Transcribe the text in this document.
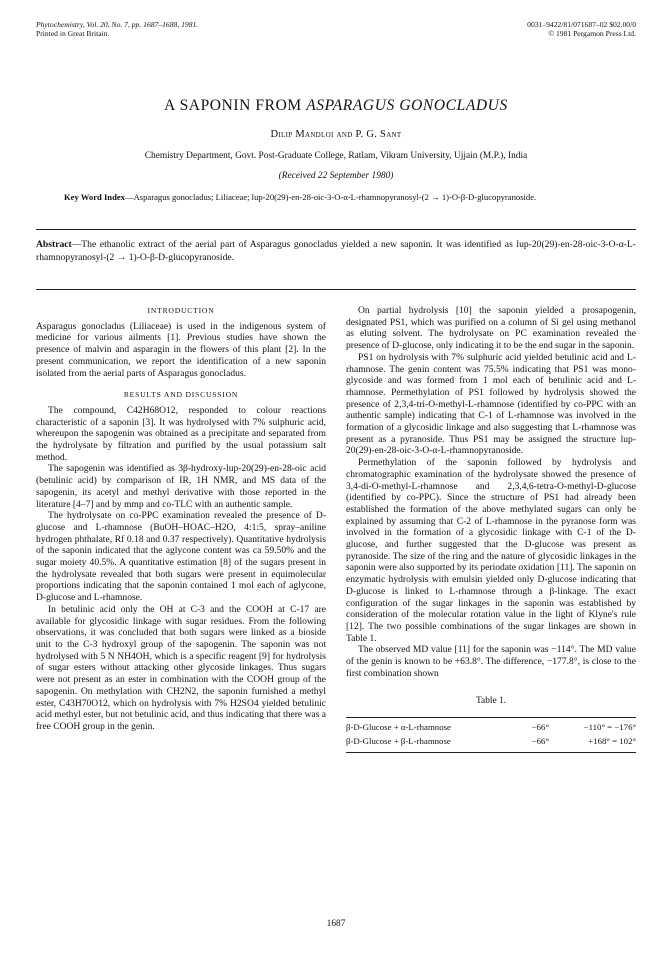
Phytochemistry, Vol. 20, No. 7, pp. 1687–1688, 1981.
Printed in Great Britain.
0031–9422/81/071687–02 $02.00/0
© 1981 Pergamon Press Ltd.
A SAPONIN FROM ASPARAGUS GONOCLADUS
Dilip Mandloi and P. G. Sant
Chemistry Department, Govt. Post-Graduate College, Ratlam, Vikram University, Ujjain (M.P.), India
(Received 22 September 1980)
Key Word Index—Asparagus gonocladus; Liliaceae; lup-20(29)-en-28-oic-3-O-α-L-rhamnopyranosyl-(2 → 1)-O-β-D-glucopyranoside.
Abstract—The ethanolic extract of the aerial part of Asparagus gonocladus yielded a new saponin. It was identified as lup-20(29)-en-28-oic-3-O-α-L-rhamnopyranosyl-(2 → 1)-O-β-D-glucopyranoside.
INTRODUCTION

Asparagus gonocladus (Liliaceae) is used in the indigenous system of medicine for various ailments [1]. Previous studies have shown the presence of malvin and asparagin in the flowers of this plant [2]. In the present communication, we report the identification of a new saponin isolated from the aerial parts of Asparagus gonocladus.

RESULTS AND DISCUSSION

The compound, C42H68O12, responded to colour reactions characteristic of a saponin [3]. It was hydrolysed with 7% sulphuric acid, whereupon the sapogenin was obtained as a precipitate and separated from the hydrolysate by filtration and purified by the usual potassium salt method.

The sapogenin was identified as 3β-hydroxy-lup-20(29)-en-28-oic acid (betulinic acid) by comparison of IR, 1H NMR, and MS data of the sapogenin, its acetyl and methyl derivative with those reported in the literature [4–7] and by mmp and co-TLC with an authentic sample.

The hydrolysate on co-PPC examination revealed the presence of D-glucose and L-rhamnose (BuOH–HOAC–H2O, 4:1:5, spray–aniline hydrogen phthalate, Rf 0.18 and 0.37 respectively). Quantitative hydrolysis of the saponin indicated that the aglycone content was ca 59.50% and the sugar moiety 40.5%. A quantitative estimation [8] of the sugars present in the hydrolysate revealed that both sugars were present in equimolecular proportions indicating that the saponin contained 1 mol each of aglycone, D-glucose and L-rhamnose.

In betulinic acid only the OH at C-3 and the COOH at C-17 are available for glycosidic linkage with sugar residues. From the following observations, it was concluded that both sugars were linked as a bioside unit to the C-3 hydroxyl group of the sapogenin. The saponin was not hydrolysed with 5 N NH4OH, which is a specific reagent [9] for hydrolysis of sugar esters without attacking other glycoside linkages. Thus sugars were not present as an ester in combination with the COOH group of the sapogenin. On methylation with CH2N2, the saponin furnished a methyl ester, C43H70O12, which on hydrolysis with 7% H2SO4 yielded betulinic acid methyl ester, but not betulinic acid, and thus indicating that there was a free COOH group in the genin.

On partial hydrolysis [10] the saponin yielded a prosapogenin, designated PS1, which was purified on a column of Si gel using methanol as eluting solvent. The hydrolysate on PC examination revealed the presence of D-glucose, only indicating it to be the end sugar in the saponin.

PS1 on hydrolysis with 7% sulphuric acid yielded betulinic acid and L-rhamnose. The genin content was 75.5% indicating that PS1 was mono-glycoside and was formed from 1 mol each of betulinic acid and L-rhamnose. Permethylation of PS1 followed by hydrolysis showed the presence of 2,3,4-tri-O-methyl-L-rhamnose (identified by co-PPC with an authentic sample) indicating that C-1 of L-rhamnose was involved in the formation of a glycosidic linkage and also suggesting that L-rhamnose was present as a pyranoside. Thus PS1 may be assigned the structure lup-20(29)-en-28-oic-3-O-α-L-rhamnopyranoside.

Permethylation of the saponin followed by hydrolysis and chromatographic examination of the hydrolysate showed the presence of 3,4-di-O-methyl-L-rhamnose and 2,3,4,6-tetra-O-methyl-D-glucose (identified by co-PPC). Since the structure of PS1 had already been established the formation of the above methylated sugars can only be explained by assuming that C-2 of L-rhamnose in the pyranose form was involved in the formation of a glycosidic linkage with C-1 of the D-glucose, and further suggested that the D-glucose was present as pyranoside. The size of the ring and the nature of glycosidic linkages in the saponin were also supported by its periodate oxidation [11]. The saponin on enzymatic hydrolysis with emulsin yielded only D-glucose indicating that D-glucose is linked to L-rhamnose through a β-linkage. The exact configuration of the sugar linkages in the saponin was established by consideration of the molecular rotation value in the light of Klyne's rule [12]. The two possible combinations of the sugar linkages are shown in Table 1.

The observed MD value [11] for the saponin was −114°. The MD value of the genin is known to be +63.8°. The difference, −177.8°, is close to the first combination shown

Table 1.
β-D-Glucose + α-L-rhamnose	−66°	−110° = −176°
β-D-Glucose + β-L-rhamnose	−66°	+168° = 102°
1687
